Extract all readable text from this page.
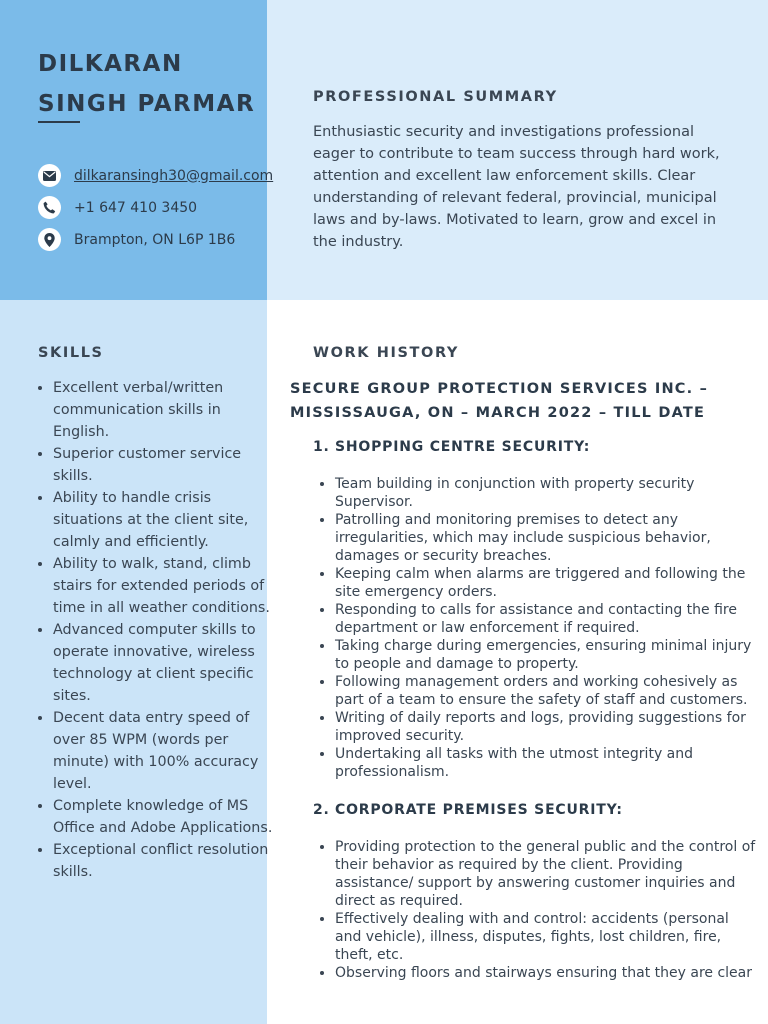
DILKARAN SINGH PARMAR
dilkaransingh30@gmail.com
+1 647 410 3450
Brampton, ON L6P 1B6
PROFESSIONAL SUMMARY
Enthusiastic security and investigations professional eager to contribute to team success through hard work, attention and excellent law enforcement skills. Clear understanding of relevant federal, provincial, municipal laws and by-laws. Motivated to learn, grow and excel in the industry.
SKILLS
• Excellent verbal/written communication skills in English.
• Superior customer service skills.
• Ability to handle crisis situations at the client site, calmly and efficiently.
• Ability to walk, stand, climb stairs for extended periods of time in all weather conditions.
• Advanced computer skills to operate innovative, wireless technology at client specific sites.
• Decent data entry speed of over 85 WPM (words per minute) with 100% accuracy level.
• Complete knowledge of MS Office and Adobe Applications.
• Exceptional conflict resolution skills.
WORK HISTORY
SECURE GROUP PROTECTION SERVICES INC. – MISSISSAUGA, ON – MARCH 2022 – TILL DATE
1. SHOPPING CENTRE SECURITY:
• Team building in conjunction with property security Supervisor.
• Patrolling and monitoring premises to detect any irregularities, which may include suspicious behavior, damages or security breaches.
• Keeping calm when alarms are triggered and following the site emergency orders.
• Responding to calls for assistance and contacting the fire department or law enforcement if required.
• Taking charge during emergencies, ensuring minimal injury to people and damage to property.
• Following management orders and working cohesively as part of a team to ensure the safety of staff and customers.
• Writing of daily reports and logs, providing suggestions for improved security.
• Undertaking all tasks with the utmost integrity and professionalism.
2. CORPORATE PREMISES SECURITY:
• Providing protection to the general public and the control of their behavior as required by the client. Providing assistance/ support by answering customer inquiries and direct as required.
• Effectively dealing with and control: accidents (personal and vehicle), illness, disputes, fights, lost children, fire, theft, etc.
• Observing floors and stairways ensuring that they are clear
